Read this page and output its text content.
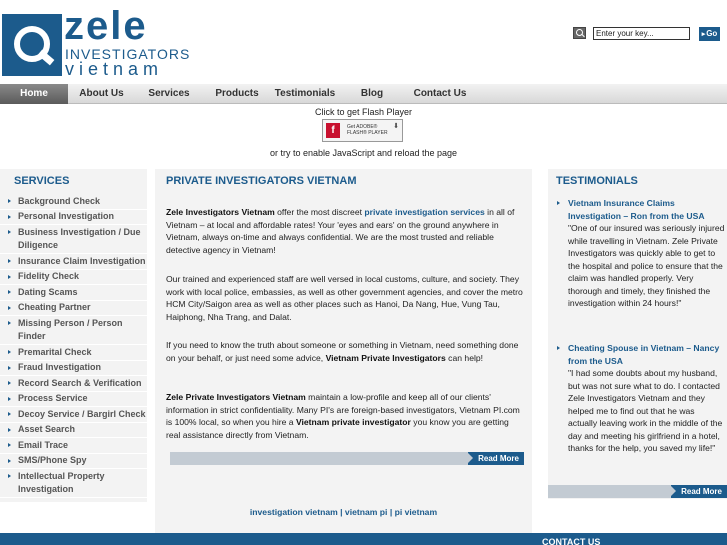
zele
INVESTIGATORS
vietnam
Enter your key...
▸ Go
Home	About Us	Services	Products	Testimonials	Blog	Contact Us
Click to get Flash Player
f	Get ADOBE®
FLASH® PLAYER
⬇
or try to enable JavaScript and reload the page
SERVICES
Background Check
Personal Investigation
Business Investigation / Due Diligence
Insurance Claim Investigation
Fidelity Check
Dating Scams
Cheating Partner
Missing Person / Person Finder
Premarital Check
Fraud Investigation
Record Search & Verification
Process Service
Decoy Service / Bargirl Check
Asset Search
Email Trace
SMS/Phone Spy
Intellectual Property Investigation
PRIVATE INVESTIGATORS VIETNAM
Zele Investigators Vietnam offer the most discreet private investigation services in all of Vietnam – at local and affordable rates! Your 'eyes and ears' on the ground anywhere in Vietnam, always on-time and always confidential. We are the most trusted and reliable detective agency in Vietnam!
Our trained and experienced staff are well versed in local customs, culture, and society. They work with local police, embassies, as well as other government agencies, and cover the metro HCM City/Saigon area as well as other places such as Hanoi, Da Nang, Hue, Vung Tau, Haiphong, Nha Trang, and Dalat.
If you need to know the truth about someone or something in Vietnam, need something done on your behalf, or just need some advice, Vietnam Private Investigators can help!
Zele Private Investigators Vietnam maintain a low-profile and keep all of our clients' information in strict confidentiality. Many PI's are foreign-based investigators, Vietnam PI.com is 100% local, so when you hire a Vietnam private investigator you know you are getting real assistance directly from Vietnam.
Read More
investigation vietnam | vietnam pi | pi vietnam
TESTIMONIALS
Vietnam Insurance Claims Investigation – Ron from the USA
"One of our insured was seriously injured while travelling in Vietnam. Zele Private Investigators was quickly able to get to the hospital and police to ensure that the claim was handled properly. Very thorough and timely, they finished the investigation within 24 hours!"
Cheating Spouse in Vietnam – Nancy from the USA
"I had some doubts about my husband, but was not sure what to do. I contacted Zele Investigators Vietnam and they helped me to find out that he was actually leaving work in the middle of the day and meeting his girlfriend in a hotel, thanks for the help, you saved my life!"
Read More
CONTACT US
